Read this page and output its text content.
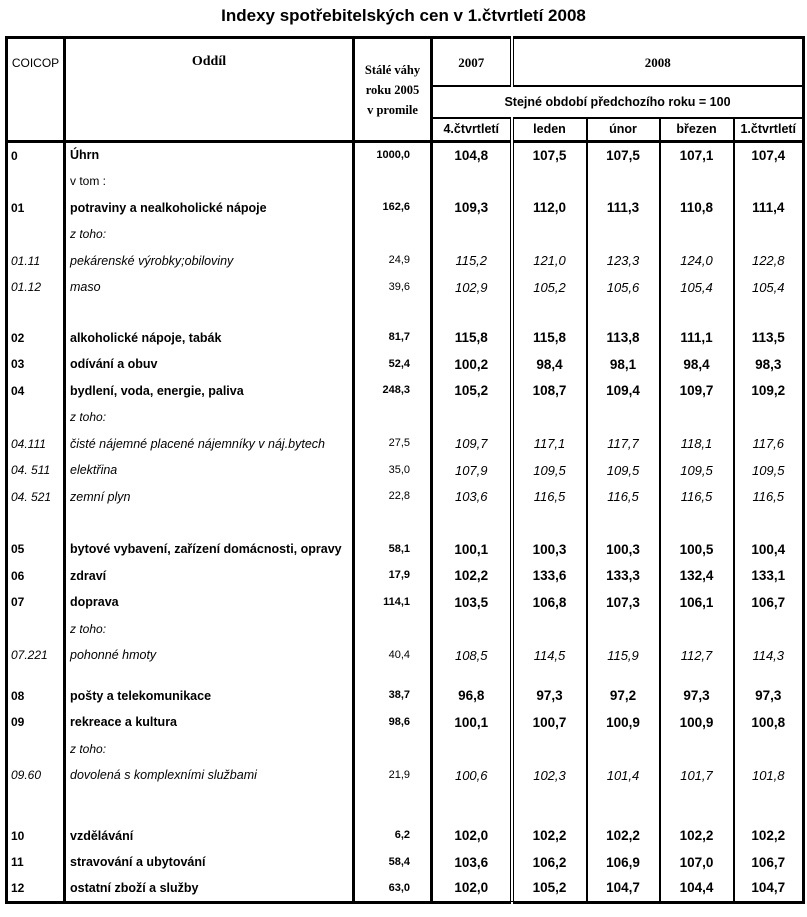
Indexy spotřebitelských cen v 1.čtvrtletí 2008
COICOP	Oddíl	Stálé váhy
roku 2005
v promile	2007	2008			
			Stejné období předchozího roku = 100				
			4.čtvrtletí	leden	únor	březen	1.čtvrtletí
0	Úhrn	1000,0	104,8	107,5	107,5	107,1	107,4
	v tom :						
01	potraviny a nealkoholické nápoje	162,6	109,3	112,0	111,3	110,8	111,4
	z toho:						
01.11	pekárenské výrobky;obiloviny	24,9	115,2	121,0	123,3	124,0	122,8
01.12	maso	39,6	102,9	105,2	105,6	105,4	105,4

02	alkoholické nápoje, tabák	81,7	115,8	115,8	113,8	111,1	113,5
03	odívání a obuv	52,4	100,2	98,4	98,1	98,4	98,3
04	bydlení, voda, energie, paliva	248,3	105,2	108,7	109,4	109,7	109,2
	z toho:						
04.111	čisté nájemné placené nájemníky v náj.bytech	27,5	109,7	117,1	117,7	118,1	117,6
04. 511	elektřina	35,0	107,9	109,5	109,5	109,5	109,5
04. 521	zemní plyn	22,8	103,6	116,5	116,5	116,5	116,5

05	bytové vybavení, zařízení domácnosti, opravy	58,1	100,1	100,3	100,3	100,5	100,4
06	zdraví	17,9	102,2	133,6	133,3	132,4	133,1
07	doprava	114,1	103,5	106,8	107,3	106,1	106,7
	z toho:						
07.221	pohonné hmoty	40,4	108,5	114,5	115,9	112,7	114,3

08	pošty a telekomunikace	38,7	96,8	97,3	97,2	97,3	97,3
09	rekreace a kultura	98,6	100,1	100,7	100,9	100,9	100,8
	z toho:						
09.60	dovolená s komplexními službami	21,9	100,6	102,3	101,4	101,7	101,8

10	vzdělávání	6,2	102,0	102,2	102,2	102,2	102,2
11	stravování a ubytování	58,4	103,6	106,2	106,9	107,0	106,7
12	ostatní zboží a služby	63,0	102,0	105,2	104,7	104,4	104,7
